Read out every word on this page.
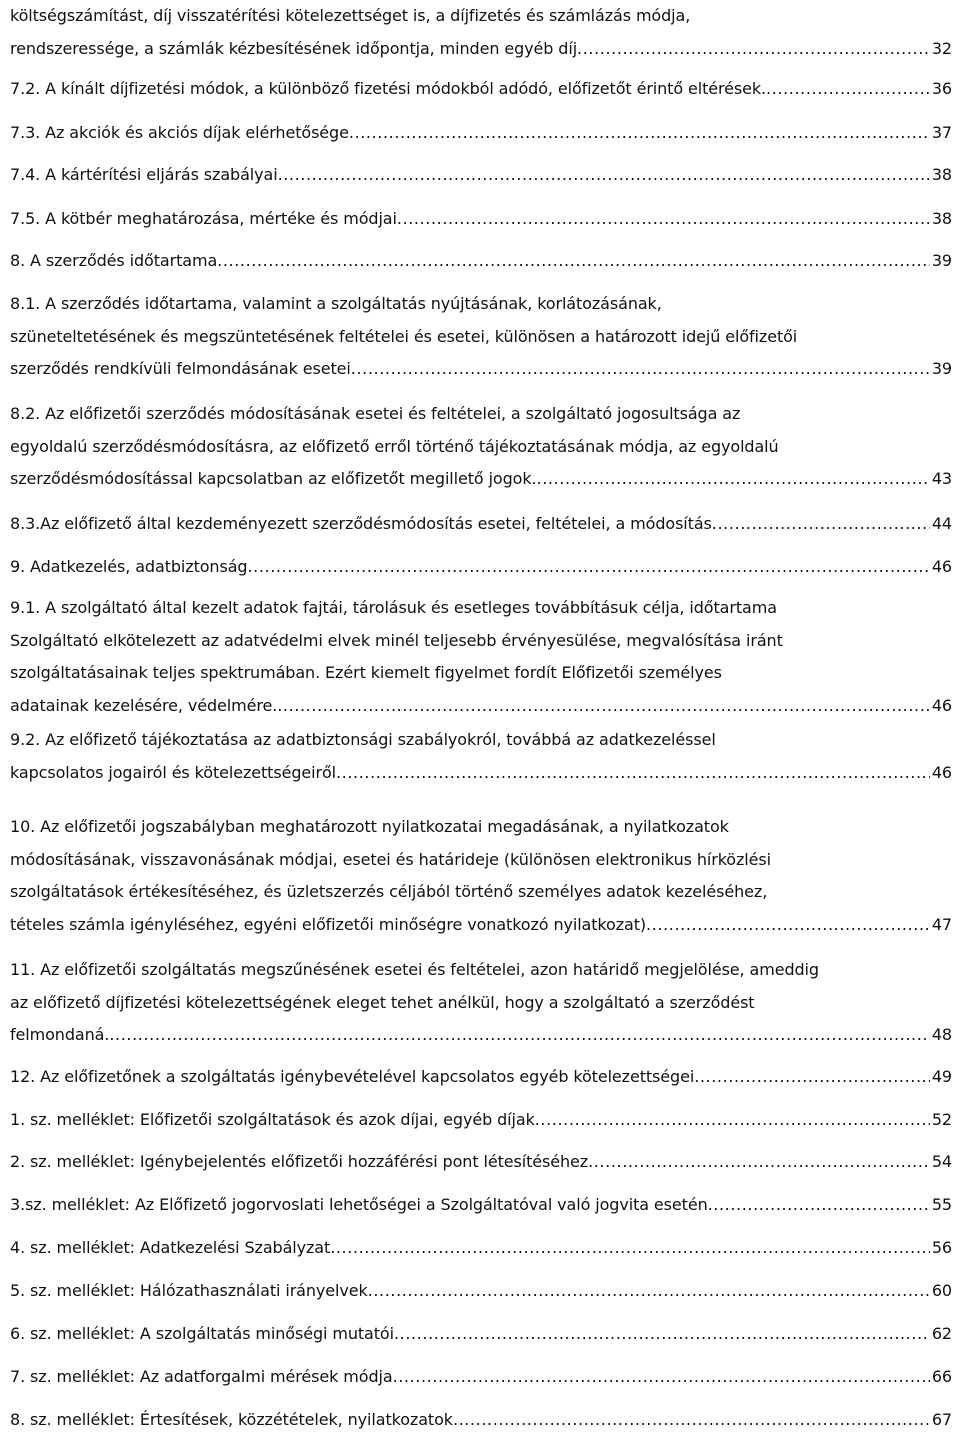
költségszámítást, díj visszatérítési kötelezettséget is, a díjfizetés és számlázás módja,
rendszeressége, a számlák kézbesítésének időpontja, minden egyéb díj .....	32
7.2. A kínált díjfizetési módok, a különböző fizetési módokból adódó, előfizetőt érintő eltérések. .....	36
7.3. Az akciók és akciós díjak elérhetősége .....	37
7.4. A kártérítési eljárás szabályai .....	38
7.5. A kötbér meghatározása, mértéke és módjai .....	38
8. A szerződés időtartama .....	39
8.1. A szerződés időtartama, valamint a szolgáltatás nyújtásának, korlátozásának,
szüneteltetésének és megszüntetésének feltételei és esetei, különösen a határozott idejű előfizetői
szerződés rendkívüli felmondásának esetei .....	39
8.2. Az előfizetői szerződés módosításának esetei és feltételei, a szolgáltató jogosultsága az
egyoldalú szerződésmódosításra, az előfizető erről történő tájékoztatásának módja, az egyoldalú
szerződésmódosítással kapcsolatban az előfizetőt megillető jogok. .....	43
8.3.Az előfizető által kezdeményezett szerződésmódosítás esetei, feltételei, a módosítás .....	44
9. Adatkezelés, adatbiztonság .....	46
9.1. A szolgáltató által kezelt adatok fajtái, tárolásuk és esetleges továbbításuk célja, időtartama
Szolgáltató elkötelezett az adatvédelmi elvek minél teljesebb érvényesülése, megvalósítása iránt
szolgáltatásainak teljes spektrumában. Ezért kiemelt figyelmet fordít Előfizetői személyes
adatainak kezelésére, védelmére. .....	46
9.2. Az előfizető tájékoztatása az adatbiztonsági szabályokról, továbbá az adatkezeléssel
kapcsolatos jogairól és kötelezettségeiről .....	46
10. Az előfizetői jogszabályban meghatározott nyilatkozatai megadásának, a nyilatkozatok
módosításának, visszavonásának módjai, esetei és határideje (különösen elektronikus hírközlési
szolgáltatások értékesítéséhez, és üzletszerzés céljából történő személyes adatok kezeléséhez,
tételes számla igényléséhez, egyéni előfizetői minőségre vonatkozó nyilatkozat) .....	47
11. Az előfizetői szolgáltatás megszűnésének esetei és feltételei, azon határidő megjelölése, ameddig
az előfizető díjfizetési kötelezettségének eleget tehet anélkül, hogy a szolgáltató a szerződést
felmondaná. .....	48
12. Az előfizetőnek a szolgáltatás igénybevételével kapcsolatos egyéb kötelezettségei .....	49
1. sz. melléklet: Előfizetői szolgáltatások és azok díjai, egyéb díjak .....	52
2. sz. melléklet: Igénybejelentés előfizetői hozzáférési pont létesítéséhez .....	54
3.sz. melléklet: Az Előfizető jogorvoslati lehetőségei a Szolgáltatóval való jogvita esetén .....	55
4. sz. melléklet: Adatkezelési Szabályzat .....	56
5. sz. melléklet: Hálózathasználati irányelvek .....	60
6. sz. melléklet: A szolgáltatás minőségi mutatói .....	62
7. sz. melléklet: Az adatforgalmi mérések módja .....	66
8. sz. melléklet: Értesítések, közzétételek, nyilatkozatok .....	67
